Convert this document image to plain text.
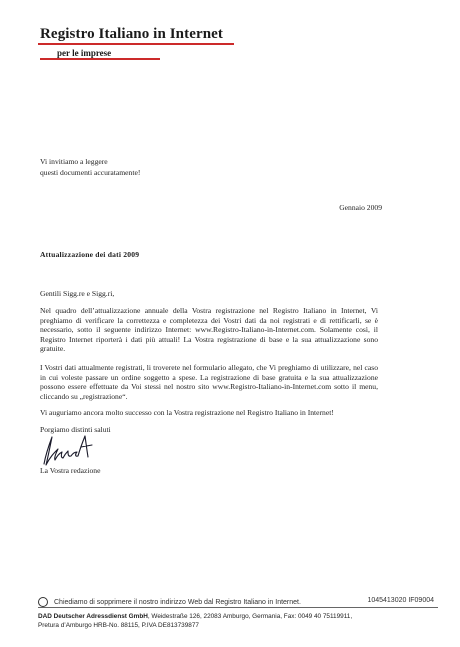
Registro Italiano in Internet
per le imprese
Vi invitiamo a leggere
questi documenti accuratamente!
Gennaio 2009
Attualizzazione dei dati 2009
Gentili Sigg.re e Sigg.ri,
Nel quadro dell’attualizzazione annuale della Vostra registrazione nel Registro Italiano in Internet, Vi preghiamo di verificare la correttezza e completezza dei Vostri dati da noi registrati e di rettificarli, se è necessario, sotto il seguente indirizzo Internet: www.Registro-Italiano-in-Internet.com. Solamente così, il Registro Internet riporterà i dati più attuali! La Vostra registrazione di base e la sua attualizzazione sono gratuite.
I Vostri dati attualmente registrati, li troverete nel formulario allegato, che Vi preghiamo di utilizzare, nel caso in cui voleste passare un ordine soggetto a spese. La registrazione di base gratuita e la sua attualizzazione possono essere effettuate da Voi stessi nel nostro sito www.Registro-Italiano-in-Internet.com sotto il menu, cliccando su „registrazione“.
Vi auguriamo ancora molto successo con la Vostra registrazione nel Registro Italiano in Internet!
Porgiamo distinti saluti
La Vostra redazione
Chiediamo di sopprimere il nostro indirizzo Web dal Registro Italiano in Internet.	1045413020 IF09004
DAD Deutscher Adressdienst GmbH, Weidestraße 126, 22083 Amburgo, Germania, Fax: 0049 40 75119911,
Pretura d’Amburgo HRB-No. 88115, P.IVA DE813739877
